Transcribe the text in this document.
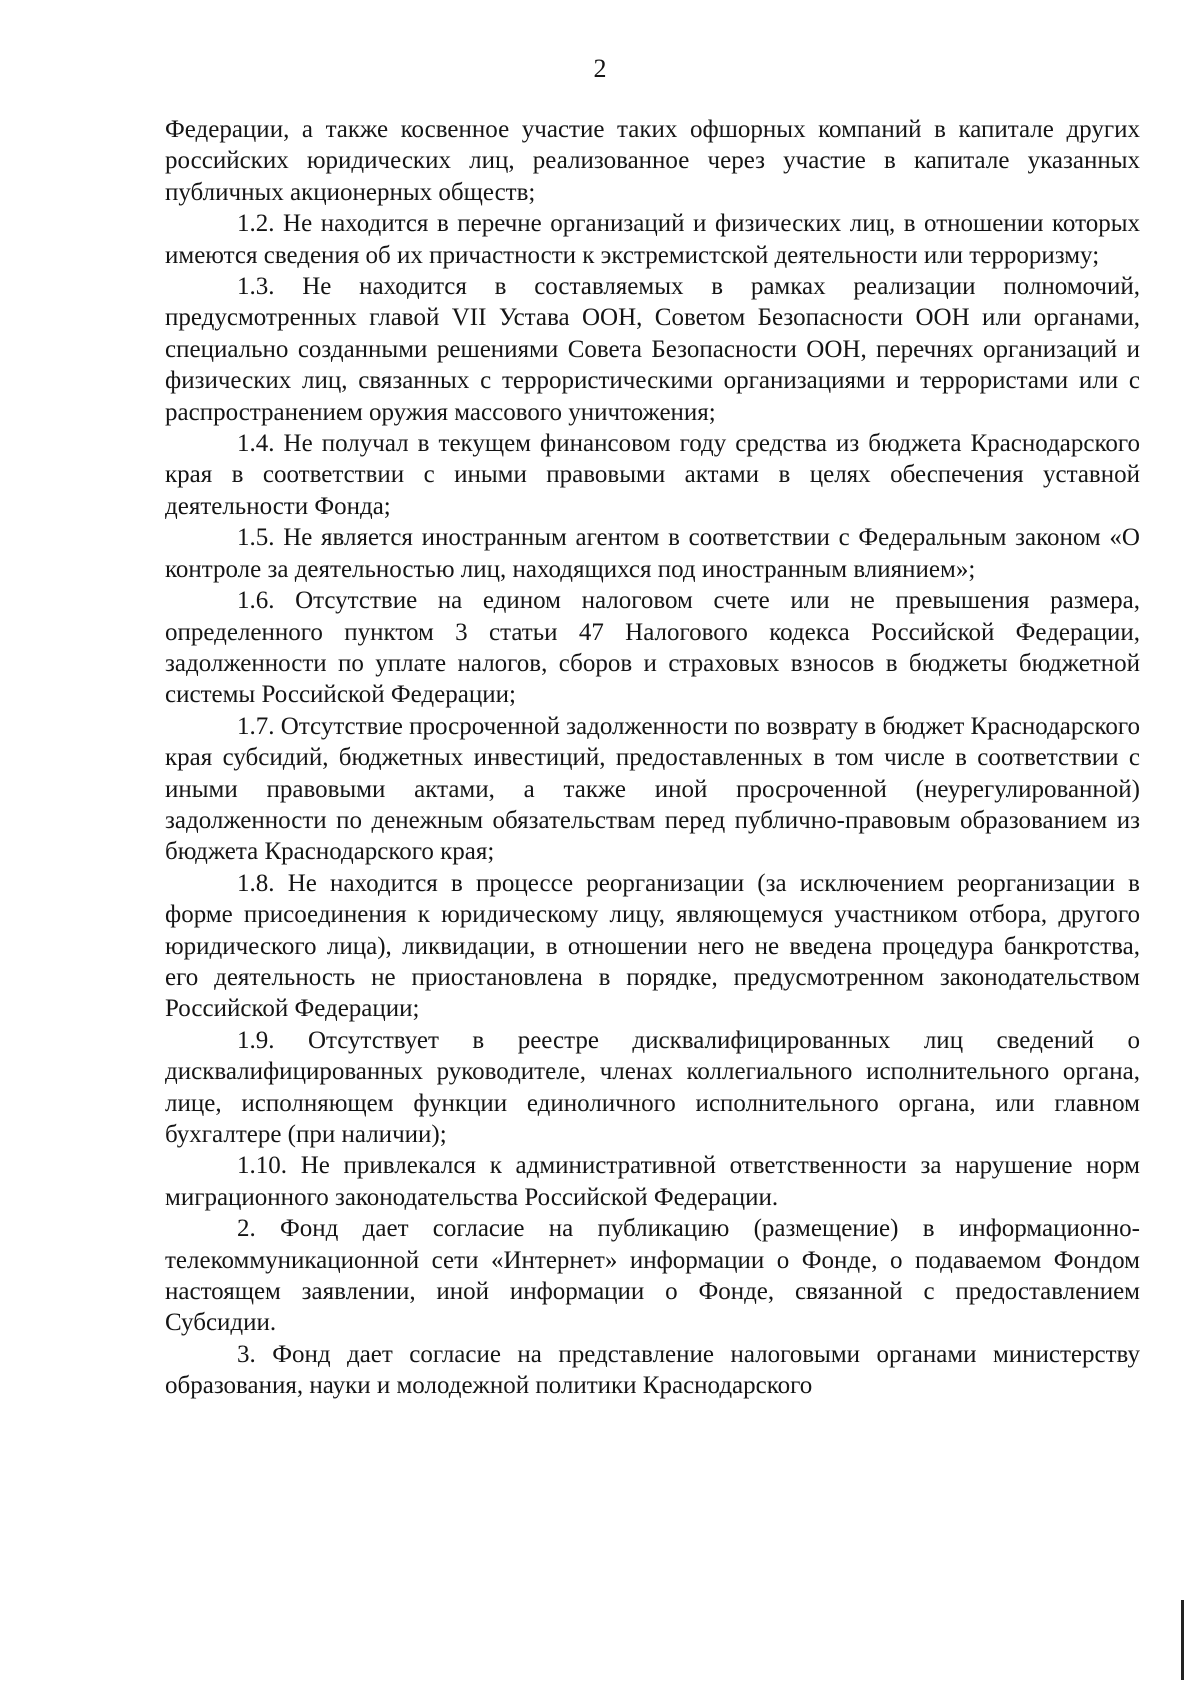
2

Федерации, а также косвенное участие таких офшорных компаний в капитале других российских юридических лиц, реализованное через участие в капитале указанных публичных акционерных обществ;

1.2. Не находится в перечне организаций и физических лиц, в отношении которых имеются сведения об их причастности к экстремистской деятельности или терроризму;

1.3. Не находится в составляемых в рамках реализации полномочий, предусмотренных главой VII Устава ООН, Советом Безопасности ООН или органами, специально созданными решениями Совета Безопасности ООН, перечнях организаций и физических лиц, связанных с террористическими организациями и террористами или с распространением оружия массового уничтожения;

1.4. Не получал в текущем финансовом году средства из бюджета Краснодарского края в соответствии с иными правовыми актами в целях обеспечения уставной деятельности Фонда;

1.5. Не является иностранным агентом в соответствии с Федеральным законом «О контроле за деятельностью лиц, находящихся под иностранным влиянием»;

1.6. Отсутствие на едином налоговом счете или не превышения размера, определенного пунктом 3 статьи 47 Налогового кодекса Российской Федерации, задолженности по уплате налогов, сборов и страховых взносов в бюджеты бюджетной системы Российской Федерации;

1.7. Отсутствие просроченной задолженности по возврату в бюджет Краснодарского края субсидий, бюджетных инвестиций, предоставленных в том числе в соответствии с иными правовыми актами, а также иной просроченной (неурегулированной) задолженности по денежным обязательствам перед публично-правовым образованием из бюджета Краснодарского края;

1.8. Не находится в процессе реорганизации (за исключением реорганизации в форме присоединения к юридическому лицу, являющемуся участником отбора, другого юридического лица), ликвидации, в отношении него не введена процедура банкротства, его деятельность не приостановлена в порядке, предусмотренном законодательством Российской Федерации;

1.9. Отсутствует в реестре дисквалифицированных лиц сведений о дисквалифицированных руководителе, членах коллегиального исполнительного органа, лице, исполняющем функции единоличного исполнительного органа, или главном бухгалтере (при наличии);

1.10. Не привлекался к административной ответственности за нарушение норм миграционного законодательства Российской Федерации.

2. Фонд дает согласие на публикацию (размещение) в информационно-телекоммуникационной сети «Интернет» информации о Фонде, о подаваемом Фондом настоящем заявлении, иной информации о Фонде, связанной с предоставлением Субсидии.

3. Фонд дает согласие на представление налоговыми органами министерству образования, науки и молодежной политики Краснодарского
